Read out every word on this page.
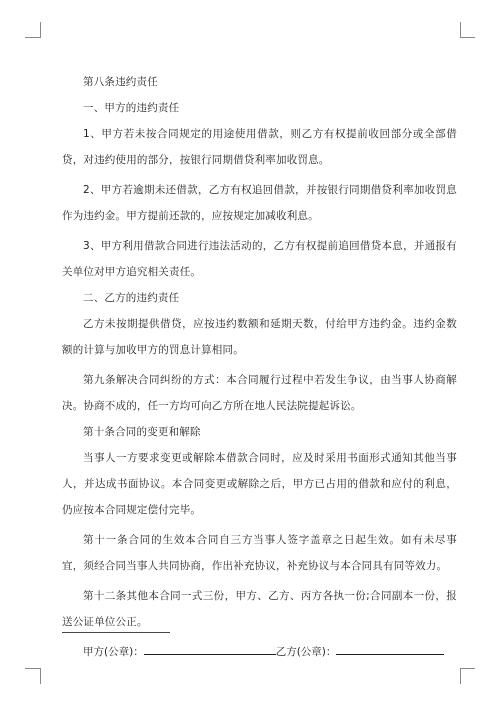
第八条违约责任

一、甲方的违约责任

1、甲方若未按合同规定的用途使用借款，则乙方有权提前收回部分或全部借贷，对违约使用的部分，按银行同期借贷利率加收罚息。

2、甲方若逾期未还借款，乙方有权追回借款，并按银行同期借贷利率加收罚息作为违约金。甲方提前还款的，应按规定加减收利息。

3、甲方利用借款合同进行违法活动的，乙方有权提前追回借贷本息，并通报有关单位对甲方追究相关责任。

二、乙方的违约责任

乙方未按期提供借贷，应按违约数额和延期天数，付给甲方违约金。违约金数额的计算与加收甲方的罚息计算相同。

第九条解决合同纠纷的方式：本合同履行过程中若发生争议，由当事人协商解决。协商不成的，任一方均可向乙方所在地人民法院提起诉讼。

第十条合同的变更和解除

当事人一方要求变更或解除本借款合同时，应及时采用书面形式通知其他当事人，并达成书面协议。本合同变更或解除之后，甲方已占用的借款和应付的利息，仍应按本合同规定偿付完毕。

第十一条合同的生效本合同自三方当事人签字盖章之日起生效。如有未尽事宜，须经合同当事人共同协商，作出补充协议，补充协议与本合同具有同等效力。

第十二条其他本合同一式三份，甲方、乙方、丙方各执一份;合同副本一份，报送公证单位公正。

甲方(公章)：	乙方(公章)：
